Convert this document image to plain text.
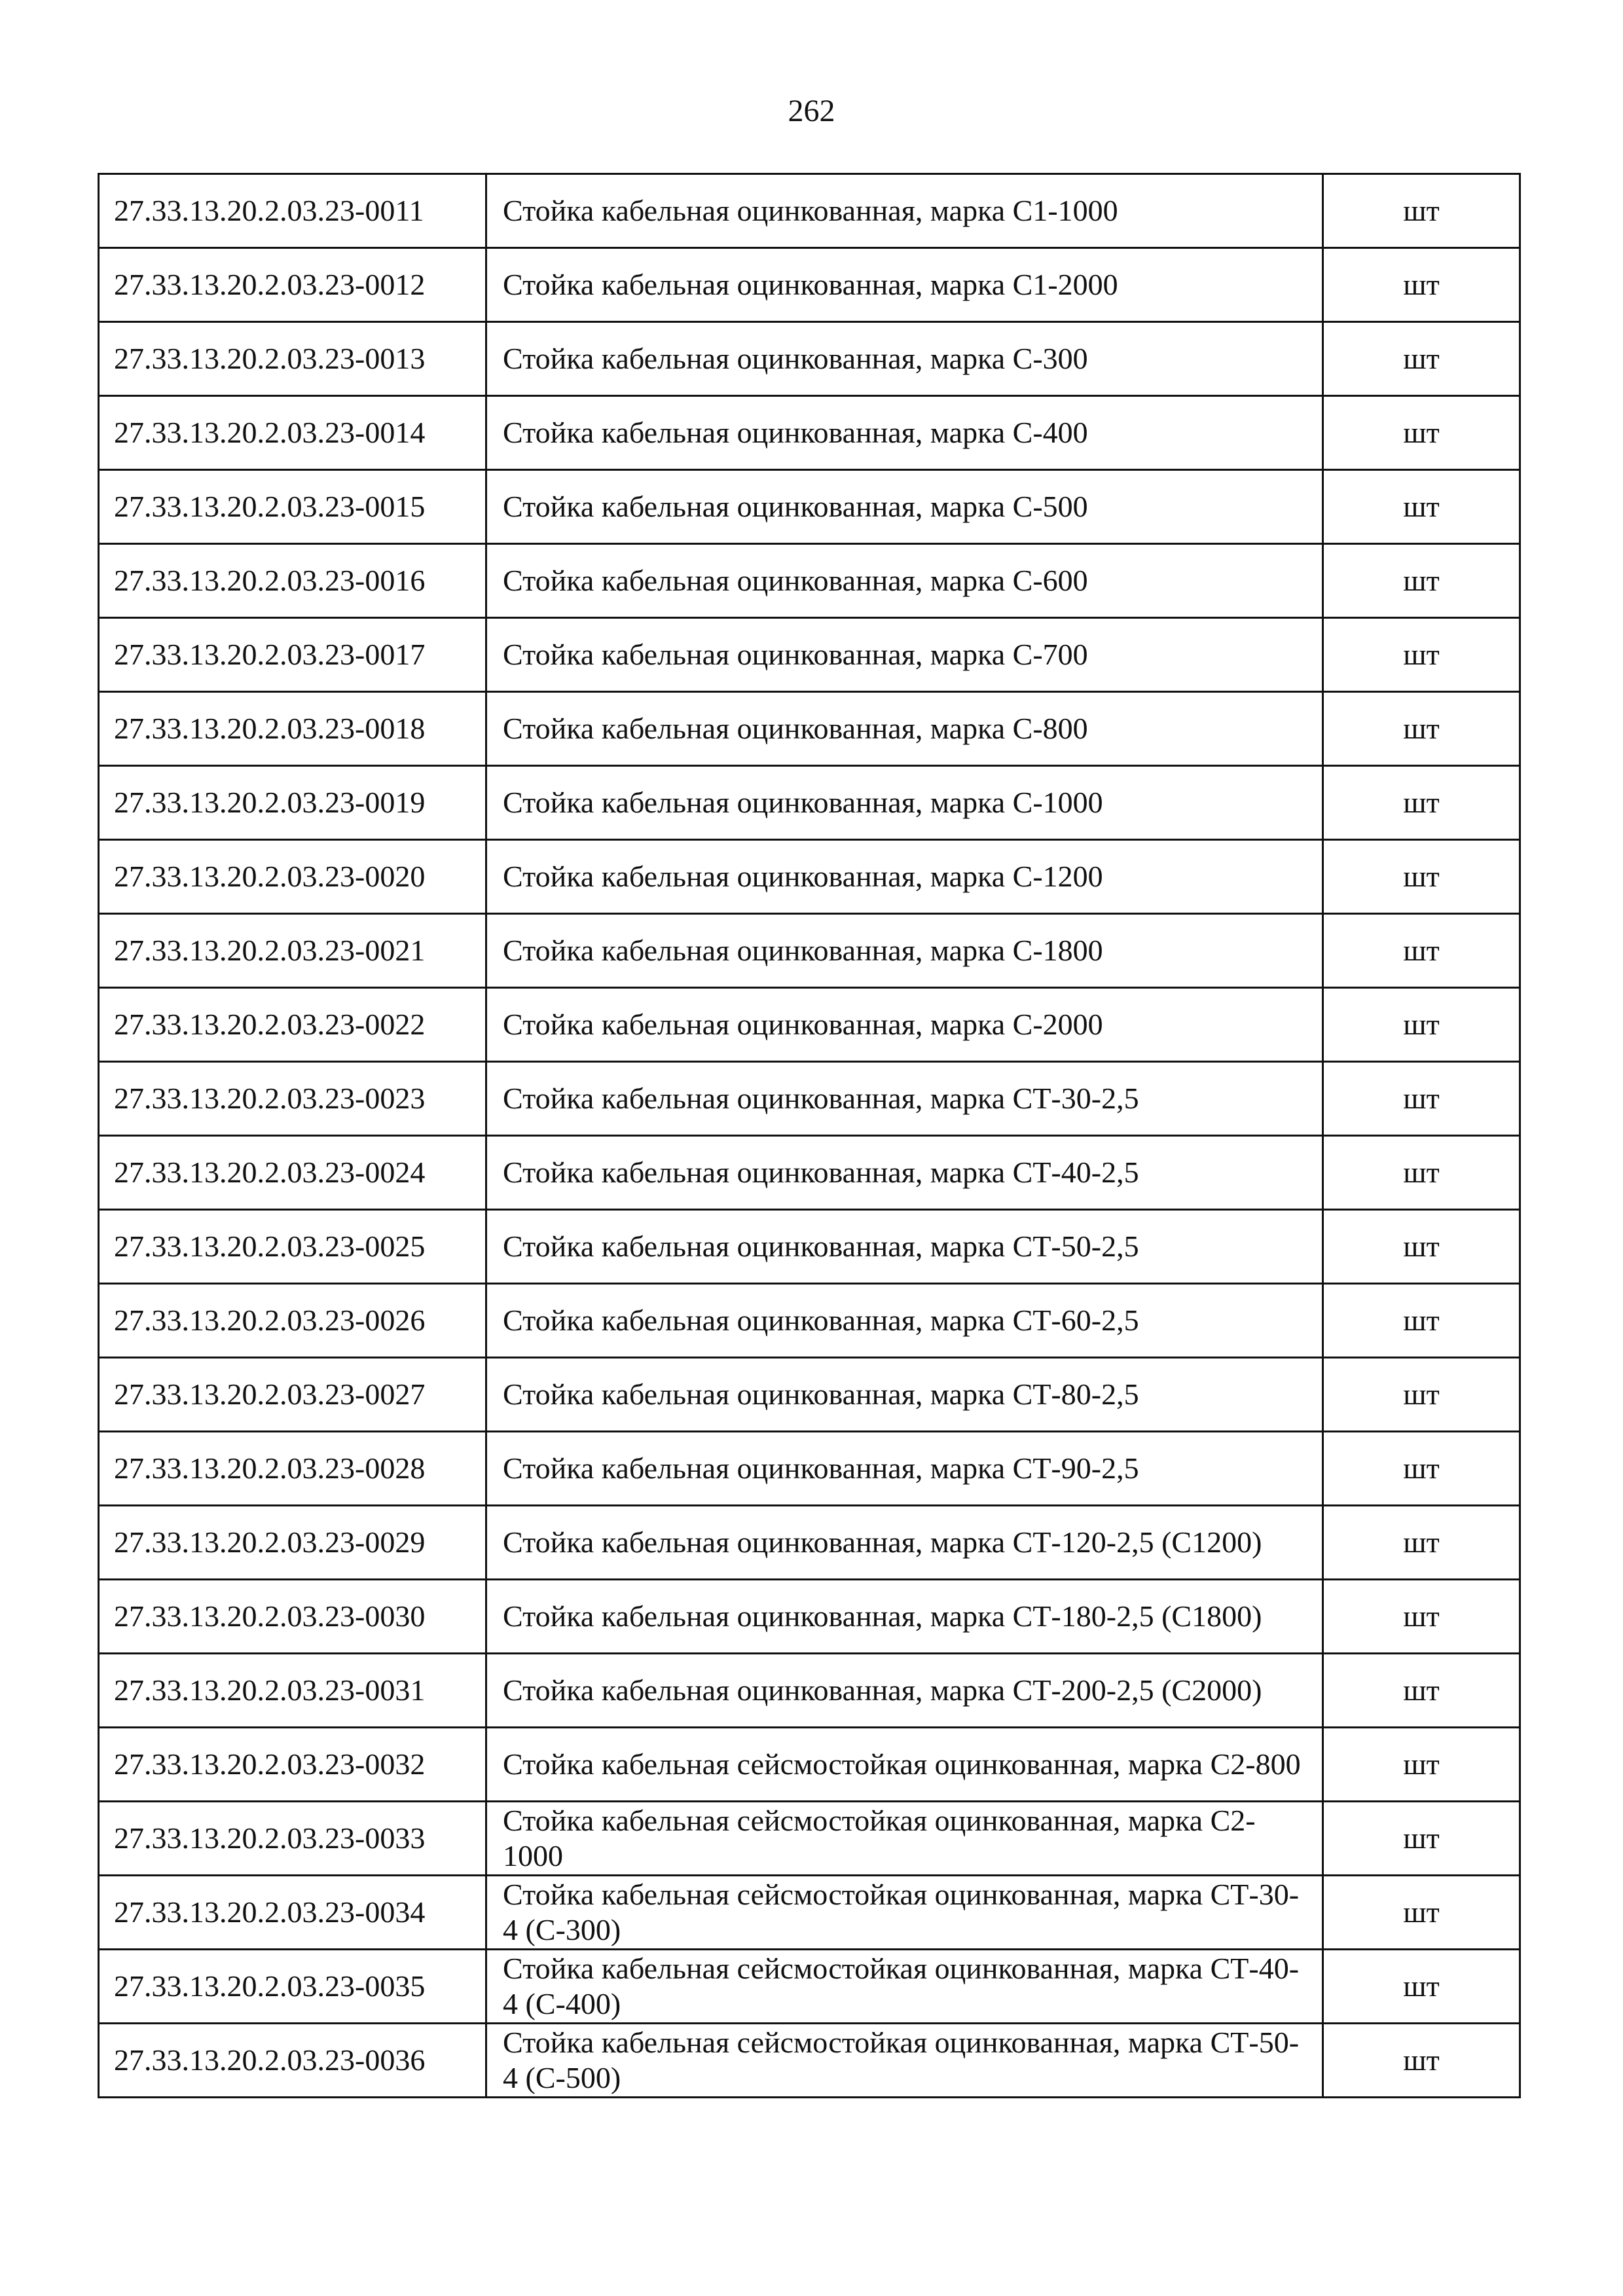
262
27.33.13.20.2.03.23-0011	Стойка кабельная оцинкованная, марка С1-1000	шт
27.33.13.20.2.03.23-0012	Стойка кабельная оцинкованная, марка С1-2000	шт
27.33.13.20.2.03.23-0013	Стойка кабельная оцинкованная, марка С-300	шт
27.33.13.20.2.03.23-0014	Стойка кабельная оцинкованная, марка С-400	шт
27.33.13.20.2.03.23-0015	Стойка кабельная оцинкованная, марка С-500	шт
27.33.13.20.2.03.23-0016	Стойка кабельная оцинкованная, марка С-600	шт
27.33.13.20.2.03.23-0017	Стойка кабельная оцинкованная, марка С-700	шт
27.33.13.20.2.03.23-0018	Стойка кабельная оцинкованная, марка С-800	шт
27.33.13.20.2.03.23-0019	Стойка кабельная оцинкованная, марка С-1000	шт
27.33.13.20.2.03.23-0020	Стойка кабельная оцинкованная, марка С-1200	шт
27.33.13.20.2.03.23-0021	Стойка кабельная оцинкованная, марка С-1800	шт
27.33.13.20.2.03.23-0022	Стойка кабельная оцинкованная, марка С-2000	шт
27.33.13.20.2.03.23-0023	Стойка кабельная оцинкованная, марка СТ-30-2,5	шт
27.33.13.20.2.03.23-0024	Стойка кабельная оцинкованная, марка СТ-40-2,5	шт
27.33.13.20.2.03.23-0025	Стойка кабельная оцинкованная, марка СТ-50-2,5	шт
27.33.13.20.2.03.23-0026	Стойка кабельная оцинкованная, марка СТ-60-2,5	шт
27.33.13.20.2.03.23-0027	Стойка кабельная оцинкованная, марка СТ-80-2,5	шт
27.33.13.20.2.03.23-0028	Стойка кабельная оцинкованная, марка СТ-90-2,5	шт
27.33.13.20.2.03.23-0029	Стойка кабельная оцинкованная, марка СТ-120-2,5 (С1200)	шт
27.33.13.20.2.03.23-0030	Стойка кабельная оцинкованная, марка СТ-180-2,5 (С1800)	шт
27.33.13.20.2.03.23-0031	Стойка кабельная оцинкованная, марка СТ-200-2,5 (С2000)	шт
27.33.13.20.2.03.23-0032	Стойка кабельная сейсмостойкая оцинкованная, марка С2-800	шт
27.33.13.20.2.03.23-0033	Стойка кабельная сейсмостойкая оцинкованная, марка С2-1000	шт
27.33.13.20.2.03.23-0034	Стойка кабельная сейсмостойкая оцинкованная, марка СТ-30-4 (С-300)	шт
27.33.13.20.2.03.23-0035	Стойка кабельная сейсмостойкая оцинкованная, марка СТ-40-4 (С-400)	шт
27.33.13.20.2.03.23-0036	Стойка кабельная сейсмостойкая оцинкованная, марка СТ-50-4 (С-500)	шт
